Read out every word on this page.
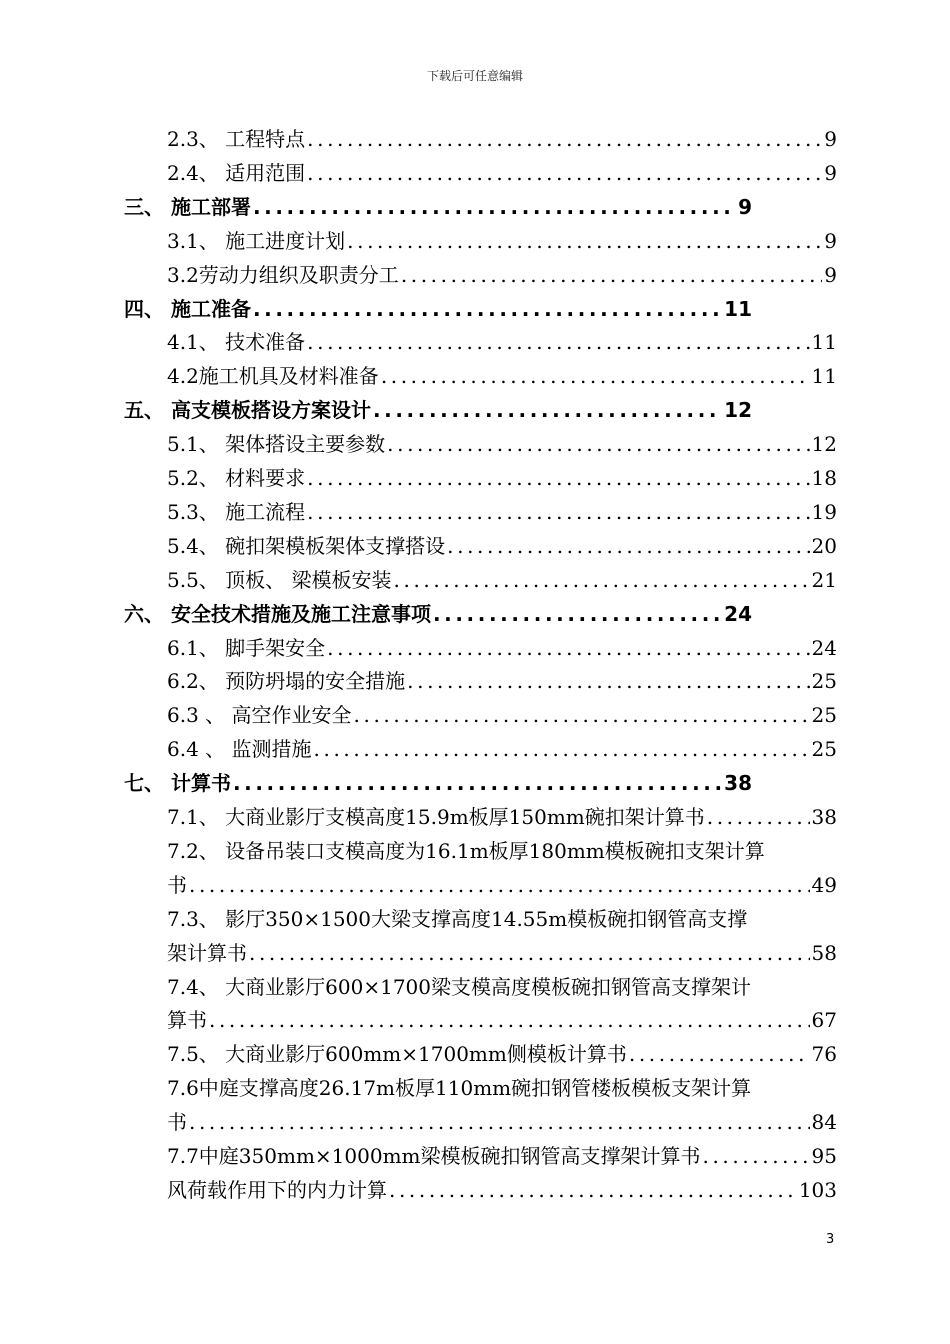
下载后可任意编辑
2.3、 工程特点 .....	9
2.4、 适用范围 .....	9
三、 施工部署 .....	9
3.1、 施工进度计划 .....	9
3.2劳动力组织及职责分工 .....	9
四、 施工准备 .....	11
4.1、 技术准备 .....	11
4.2施工机具及材料准备 .....	11
五、 高支模板搭设方案设计 .....	12
5.1、 架体搭设主要参数 .....	12
5.2、 材料要求 .....	18
5.3、 施工流程 .....	19
5.4、 碗扣架模板架体支撑搭设 .....	20
5.5、 顶板、 梁模板安装 .....	21
六、 安全技术措施及施工注意事项 .....	24
6.1、 脚手架安全 .....	24
6.2、 预防坍塌的安全措施 .....	25
6.3 、 高空作业安全 .....	25
6.4 、 监测措施 .....	25
七、 计算书 .....	38
7.1、 大商业影厅支模高度15.9m板厚150mm碗扣架计算书 .....	38
7.2、 设备吊装口支模高度为16.1m板厚180mm模板碗扣支架计算
书 .....	49
7.3、 影厅350×1500大梁支撑高度14.55m模板碗扣钢管高支撑
架计算书 .....	58
7.4、 大商业影厅600×1700梁支模高度模板碗扣钢管高支撑架计
算书 .....	67
7.5、 大商业影厅600mm×1700mm侧模板计算书 .....	76
7.6中庭支撑高度26.17m板厚110mm碗扣钢管楼板模板支架计算
书 .....	84
7.7中庭350mm×1000mm梁模板碗扣钢管高支撑架计算书 .....	95
风荷载作用下的内力计算 .....	103
3
